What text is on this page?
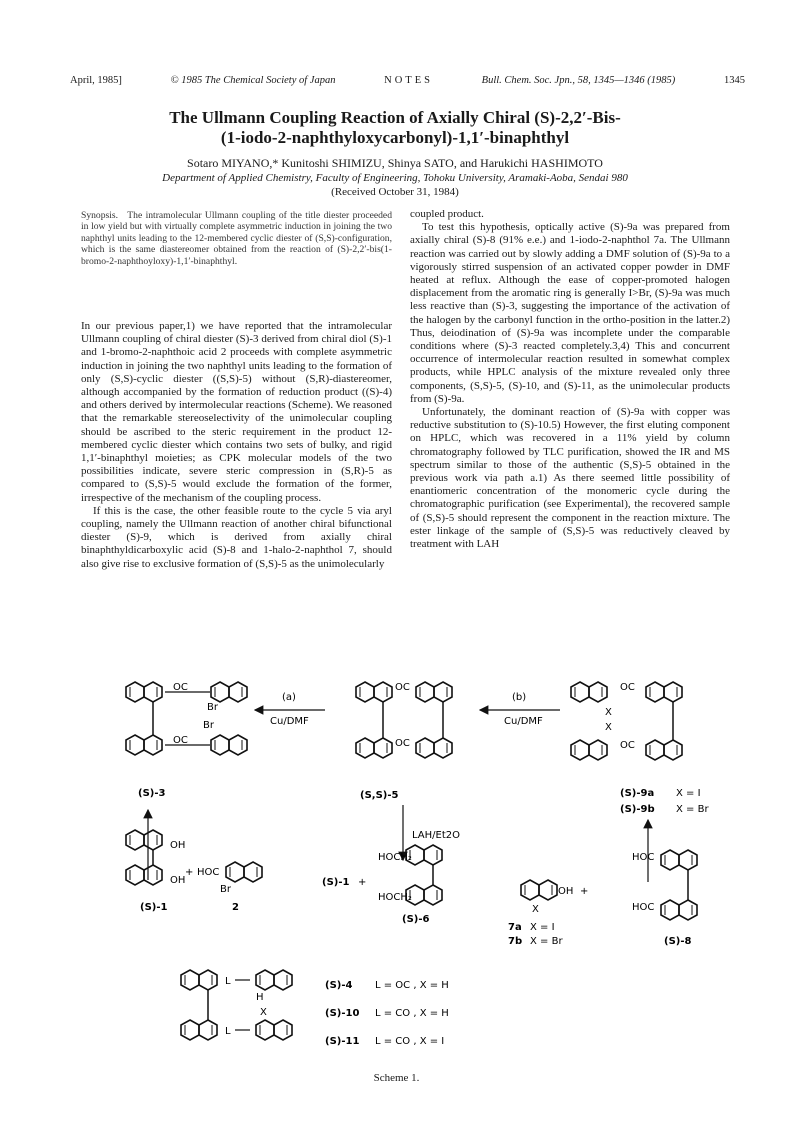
April, 1985]	© 1985 The Chemical Society of Japan	NOTES	Bull. Chem. Soc. Jpn., 58, 1345—1346 (1985)	1345
The Ullmann Coupling Reaction of Axially Chiral (S)-2,2′-Bis-
(1-iodo-2-naphthyloxycarbonyl)-1,1′-binaphthyl
Sotaro MIYANO,* Kunitoshi SHIMIZU, Shinya SATO, and Harukichi HASHIMOTO
Department of Applied Chemistry, Faculty of Engineering, Tohoku University, Aramaki-Aoba, Sendai 980
(Received October 31, 1984)
Synopsis. The intramolecular Ullmann coupling of the title diester proceeded in low yield but with virtually complete asymmetric induction in joining the two naphthyl units leading to the 12-membered cyclic diester of (S,S)-configuration, which is the same diastereomer obtained from the reaction of (S)-2,2′-bis(1-bromo-2-naphthoyloxy)-1,1′-binaphthyl.

In our previous paper,1) we have reported that the intramolecular Ullmann coupling of chiral diester (S)-3 derived from chiral diol (S)-1 and 1-bromo-2-naphthoic acid 2 proceeds with complete asymmetric induction in joining the two naphthyl units leading to the formation of only (S,S)-cyclic diester ((S,S)-5) without (S,R)-diastereomer, although accompanied by the formation of reduction product ((S)-4) and others derived by intermolecular reactions (Scheme). We reasoned that the remarkable stereoselectivity of the unimolecular coupling should be ascribed to the steric requirement in the product 12-membered cyclic diester which contains two sets of bulky, and rigid 1,1′-binaphthyl moieties; as CPK molecular models of the two possibilities indicate, severe steric compression in (S,R)-5 as compared to (S,S)-5 would exclude the formation of the former, irrespective of the mechanism of the coupling process.

If this is the case, the other feasible route to the cycle 5 via aryl coupling, namely the Ullmann reaction of another chiral bifunctional diester (S)-9, which is derived from axially chiral binaphthyldicarboxylic acid (S)-8 and 1-halo-2-naphthol 7, should also give rise to exclusive formation of (S,S)-5 as the unimolecularly

coupled product.

To test this hypothesis, optically active (S)-9a was prepared from axially chiral (S)-8 (91% e.e.) and 1-iodo-2-naphthol 7a. The Ullmann reaction was carried out by slowly adding a DMF solution of (S)-9a to a vigorously stirred suspension of an activated copper powder in DMF heated at reflux. Although the ease of copper-promoted halogen displacement from the aromatic ring is generally I>Br, (S)-9a was much less reactive than (S)-3, suggesting the importance of the activation of the halogen by the carbonyl function in the ortho-position in the latter.2) Thus, deiodination of (S)-9a was incomplete under the comparable conditions where (S)-3 reacted completely.3,4) This and concurrent occurrence of intermolecular reaction resulted in somewhat complex products, while HPLC analysis of the mixture revealed only three components, (S,S)-5, (S)-10, and (S)-11, as the unimolecular products from (S)-9a.

Unfortunately, the dominant reaction of (S)-9a with copper was reductive substitution to (S)-10.5) However, the first eluting component on HPLC, which was recovered in a 11% yield by column chromatography followed by TLC purification, showed the IR and MS spectrum similar to those of the authentic (S,S)-5 obtained in the previous work via path a.1) As there seemed little possibility of enantiomeric concentration of the monomeric cycle during the chromatographic purification (see Experimental), the recovered sample of (S,S)-5 should represent the component in the reaction mixture. The ester linkage of the sample of (S,S)-5 was reductively cleaved by treatment with LAH

OC
OC
Br
Br
(S)-3
(a)
Cu/DMF
OC
OC
(S,S)-5
(b)
Cu/DMF
OC
OC
X
X
(S)-9a X = I
(S)-9b X = Br
LAH/Et2O
OH
OH
(S)-1
+ HOC
Br
2
(S)-1 +
HOCH₂
HOCH₂
(S)-6
OH
X
+
7a X = I
7b X = Br
HOC
HOC
(S)-8
L
H
L
X
(S)-4 L = OC , X = H
(S)-10 L = CO , X = H
(S)-11 L = CO , X = I
Scheme 1.
